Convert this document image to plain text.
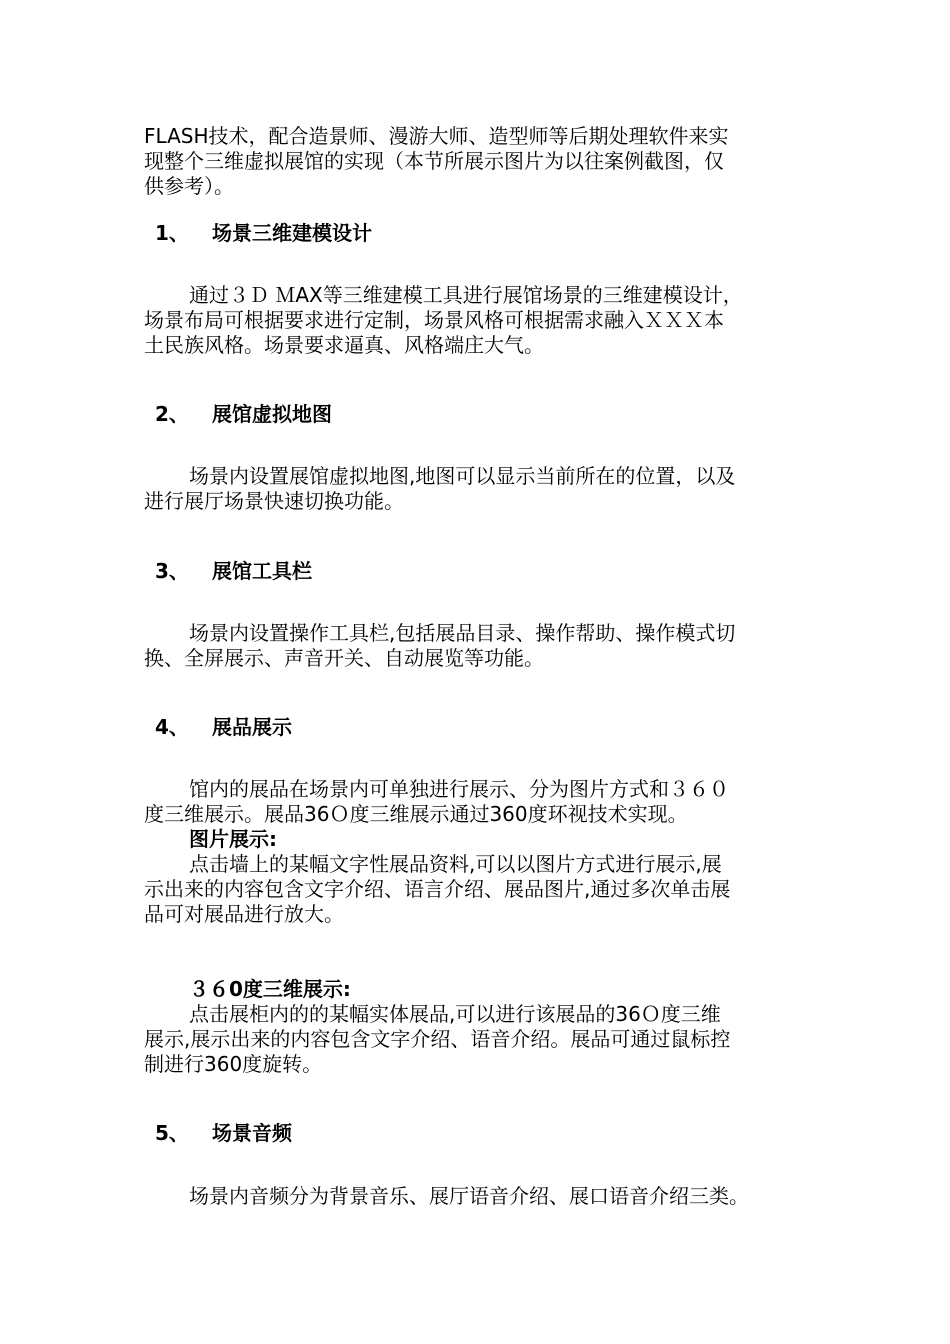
FLASH技术，配合造景师、漫游大师、造型师等后期处理软件来实
现整个三维虚拟展馆的实现（本节所展示图片为以往案例截图，仅
供参考）。
1、 场景三维建模设计
通过３Ｄ ＭAX等三维建模工具进行展馆场景的三维建模设计，
场景布局可根据要求进行定制，场景风格可根据需求融入ＸＸＸ本
土民族风格。场景要求逼真、风格端庄大气。
2、 展馆虚拟地图
场景内设置展馆虚拟地图,地图可以显示当前所在的位置，以及
进行展厅场景快速切换功能。
3、 展馆工具栏
场景内设置操作工具栏,包括展品目录、操作帮助、操作模式切
换、全屏展示、声音开关、自动展览等功能。
4、 展品展示
馆内的展品在场景内可单独进行展示、分为图片方式和３６０
度三维展示。展品36Ｏ度三维展示通过360度环视技术实现。
图片展示:
点击墙上的某幅文字性展品资料,可以以图片方式进行展示,展
示出来的内容包含文字介绍、语言介绍、展品图片,通过多次单击展
品可对展品进行放大。
３６0度三维展示:
点击展柜内的的某幅实体展品,可以进行该展品的36Ｏ度三维
展示,展示出来的内容包含文字介绍、语音介绍。展品可通过鼠标控
制进行360度旋转。
5、 场景音频
场景内音频分为背景音乐、展厅语音介绍、展口语音介绍三类。
